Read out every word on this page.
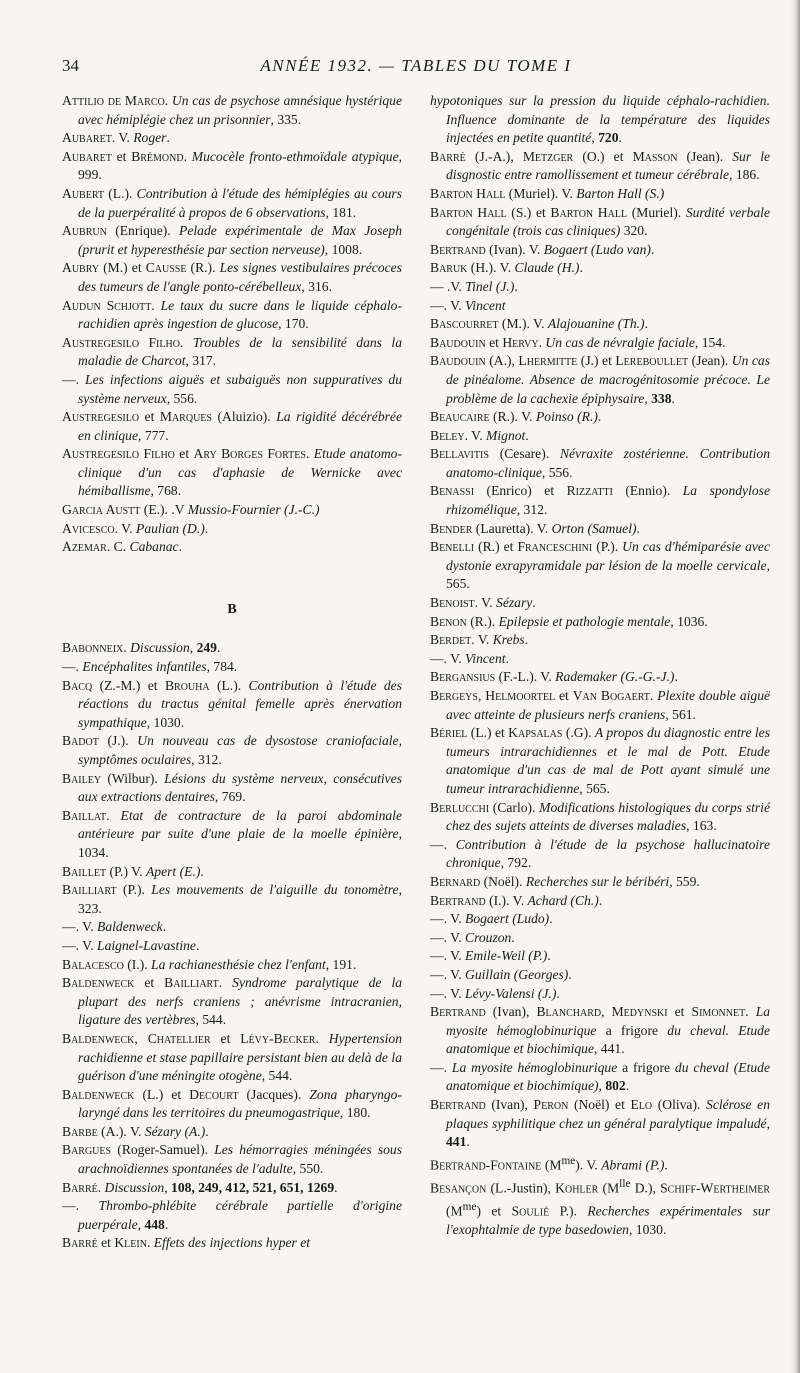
34	ANNÉE 1932. — TABLES DU TOME I

Attilio de Marco. Un cas de psychose amnésique hystérique avec hémiplégie chez un prisonnier, 335.

Aubaret. V. Roger.

Aubaret et Brémond. Mucocèle fronto-ethmoïdale atypique, 999.

Aubert (L.). Contribution à l'étude des hémiplégies au cours de la puerpéralité à propos de 6 observations, 181.

Aubrun (Enrique). Pelade expérimentale de Max Joseph (prurit et hyperesthésie par section nerveuse), 1008.

Aubry (M.) et Causse (R.). Les signes vestibulaires précoces des tumeurs de l'angle ponto-cérébelleux, 316.

Audun Schjott. Le taux du sucre dans le liquide céphalo-rachidien après ingestion de glucose, 170.

Austregesilo Filho. Troubles de la sensibilité dans la maladie de Charcot, 317.

—. Les infections aiguës et subaiguës non suppuratives du système nerveux, 556.

Austregesilo et Marques (Aluizio). La rigidité décérébrée en clinique, 777.

Austregesilo Filho et Ary Borges Fortes. Etude anatomo-clinique d'un cas d'aphasie de Wernicke avec hémiballisme, 768.

Garcia Austt (E.). .V Mussio-Fournier (J.-C.)

Avicesco. V. Paulian (D.).

Azemar. C. Cabanac.

B

Babonneix. Discussion, 249.

—. Encéphalites infantiles, 784.

Bacq (Z.-M.) et Brouha (L.). Contribution à l'étude des réactions du tractus génital femelle après énervation sympathique, 1030.

Badot (J.). Un nouveau cas de dysostose craniofaciale, symptômes oculaires, 312.

Bailey (Wilbur). Lésions du système nerveux, consécutives aux extractions dentaires, 769.

Baillat. Etat de contracture de la paroi abdominale antérieure par suite d'une plaie de la moelle épinière, 1034.

Baillet (P.) V. Apert (E.).

Bailliart (P.). Les mouvements de l'aiguille du tonomètre, 323.

—. V. Baldenweck.

—. V. Laignel-Lavastine.

Balacesco (I.). La rachianesthésie chez l'enfant, 191.

Baldenweck et Bailliart. Syndrome paralytique de la plupart des nerfs craniens ; anévrisme intracranien, ligature des vertèbres, 544.

Baldenweck, Chatellier et Lévy-Becker. Hypertension rachidienne et stase papillaire persistant bien au delà de la guérison d'une méningite otogène, 544.

Baldenweck (L.) et Decourt (Jacques). Zona pharyngo-laryngé dans les territoires du pneumogastrique, 180.

Barbe (A.). V. Sézary (A.).

Bargues (Roger-Samuel). Les hémorragies méningées sous arachnoïdiennes spontanées de l'adulte, 550.

Barré. Discussion, 108, 249, 412, 521, 651, 1269.

—. Thrombo-phlébite cérébrale partielle d'origine puerpérale, 448.

Barré et Klein. Effets des injections hyper et

hypotoniques sur la pression du liquide céphalo-rachidien. Influence dominante de la température des liquides injectées en petite quantité, 720.

Barré (J.-A.), Metzger (O.) et Masson (Jean). Sur le disgnostic entre ramollissement et tumeur cérébrale, 186.

Barton Hall (Muriel). V. Barton Hall (S.)

Barton Hall (S.) et Barton Hall (Muriel). Surdité verbale congénitale (trois cas cliniques) 320.

Bertrand (Ivan). V. Bogaert (Ludo van).

Baruk (H.). V. Claude (H.).

— .V. Tinel (J.).

—. V. Vincent

Bascourret (M.). V. Alajouanine (Th.).

Baudouin et Hervy. Un cas de névralgie faciale, 154.

Baudouin (A.), Lhermitte (J.) et Lereboullet (Jean). Un cas de pinéalome. Absence de macrogénitosomie précoce. Le problème de la cachexie épiphysaire, 338.

Beaucaire (R.). V. Poinso (R.).

Beley. V. Mignot.

Bellavitis (Cesare). Névraxite zostérienne. Contribution anatomo-clinique, 556.

Benassi (Enrico) et Rizzatti (Ennio). La spondylose rhizomélique, 312.

Bender (Lauretta). V. Orton (Samuel).

Benelli (R.) et Franceschini (P.). Un cas d'hémiparésie avec dystonie exrapyramidale par lésion de la moelle cervicale, 565.

Benoist. V. Sézary.

Benon (R.). Epilepsie et pathologie mentale, 1036.

Berdet. V. Krebs.

—. V. Vincent.

Bergansius (F.-L.). V. Rademaker (G.-G.-J.).

Bergeys, Helmoortel et Van Bogaert. Plexite double aiguë avec atteinte de plusieurs nerfs craniens, 561.

Bériel (L.) et Kapsalas (.G). A propos du diagnostic entre les tumeurs intrarachidiennes et le mal de Pott. Etude anatomique d'un cas de mal de Pott ayant simulé une tumeur intrarachidienne, 565.

Berlucchi (Carlo). Modifications histologiques du corps strié chez des sujets atteints de diverses maladies, 163.

—. Contribution à l'étude de la psychose hallucinatoire chronique, 792.

Bernard (Noël). Recherches sur le béribéri, 559.

Bertrand (I.). V. Achard (Ch.).

—. V. Bogaert (Ludo).

—. V. Crouzon.

—. V. Emile-Weil (P.).

—. V. Guillain (Georges).

—. V. Lévy-Valensi (J.).

Bertrand (Ivan), Blanchard, Medynski et Simonnet. La myosite hémoglobinurique a frigore du cheval. Etude anatomique et biochimique, 441.

—. La myosite hémoglobinurique a frigore du cheval (Etude anatomique et biochimique), 802.

Bertrand (Ivan), Peron (Noël) et Elo (Oliva). Sclérose en plaques syphilitique chez un général paralytique impaludé, 441.

Bertrand-Fontaine $(M^{me})$. V. Abrami (P.).

Besançon (L.-Justin), Kohler ($M^{lle}$ D.), Schiff-Wertheimer $(M^{me})$ et Soulié P.). Recherches expérimentales sur l'exophtalmie de type basedowien, 1030.
